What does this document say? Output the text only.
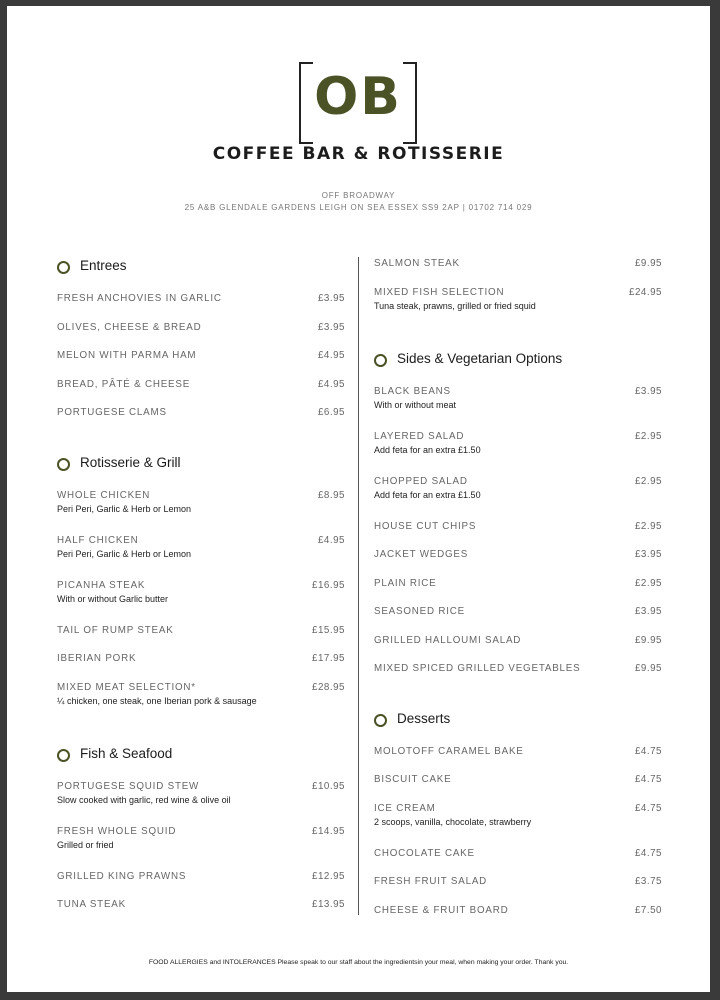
OB
COFFEE BAR & ROTISSERIE
OFF BROADWAY
25 A&B GLENDALE GARDENS LEIGH ON SEA ESSEX SS9 2AP | 01702 714 029
Entrees
FRESH ANCHOVIES IN GARLIC	£3.95
OLIVES, CHEESE & BREAD	£3.95
MELON WITH PARMA HAM	£4.95
BREAD, PÂTÉ & CHEESE	£4.95
PORTUGESE CLAMS	£6.95
Rotisserie & Grill
WHOLE CHICKEN	£8.95
Peri Peri, Garlic & Herb or Lemon
HALF CHICKEN	£4.95
Peri Peri, Garlic & Herb or Lemon
PICANHA STEAK	£16.95
With or without Garlic butter
TAIL OF RUMP STEAK	£15.95
IBERIAN PORK	£17.95
MIXED MEAT SELECTION*	£28.95
¼ chicken, one steak, one Iberian pork & sausage
Fish & Seafood
PORTUGESE SQUID STEW	£10.95
Slow cooked with garlic, red wine & olive oil
FRESH WHOLE SQUID	£14.95
Grilled or fried
GRILLED KING PRAWNS	£12.95
TUNA STEAK	£13.95
SALMON STEAK	£9.95
MIXED FISH SELECTION	£24.95
Tuna steak, prawns, grilled or fried squid
Sides & Vegetarian Options
BLACK BEANS	£3.95
With or without meat
LAYERED SALAD	£2.95
Add feta for an extra £1.50
CHOPPED SALAD	£2.95
Add feta for an extra £1.50
HOUSE CUT CHIPS	£2.95
JACKET WEDGES	£3.95
PLAIN RICE	£2.95
SEASONED RICE	£3.95
GRILLED HALLOUMI SALAD	£9.95
MIXED SPICED GRILLED VEGETABLES	£9.95
Desserts
MOLOTOFF CARAMEL BAKE	£4.75
BISCUIT CAKE	£4.75
ICE CREAM	£4.75
2 scoops, vanilla, chocolate, strawberry
CHOCOLATE CAKE	£4.75
FRESH FRUIT SALAD	£3.75
CHEESE & FRUIT BOARD	£7.50
FOOD ALLERGIES and INTOLERANCES Please speak to our staff about the ingredientsin your meal, when making your order. Thank you.
